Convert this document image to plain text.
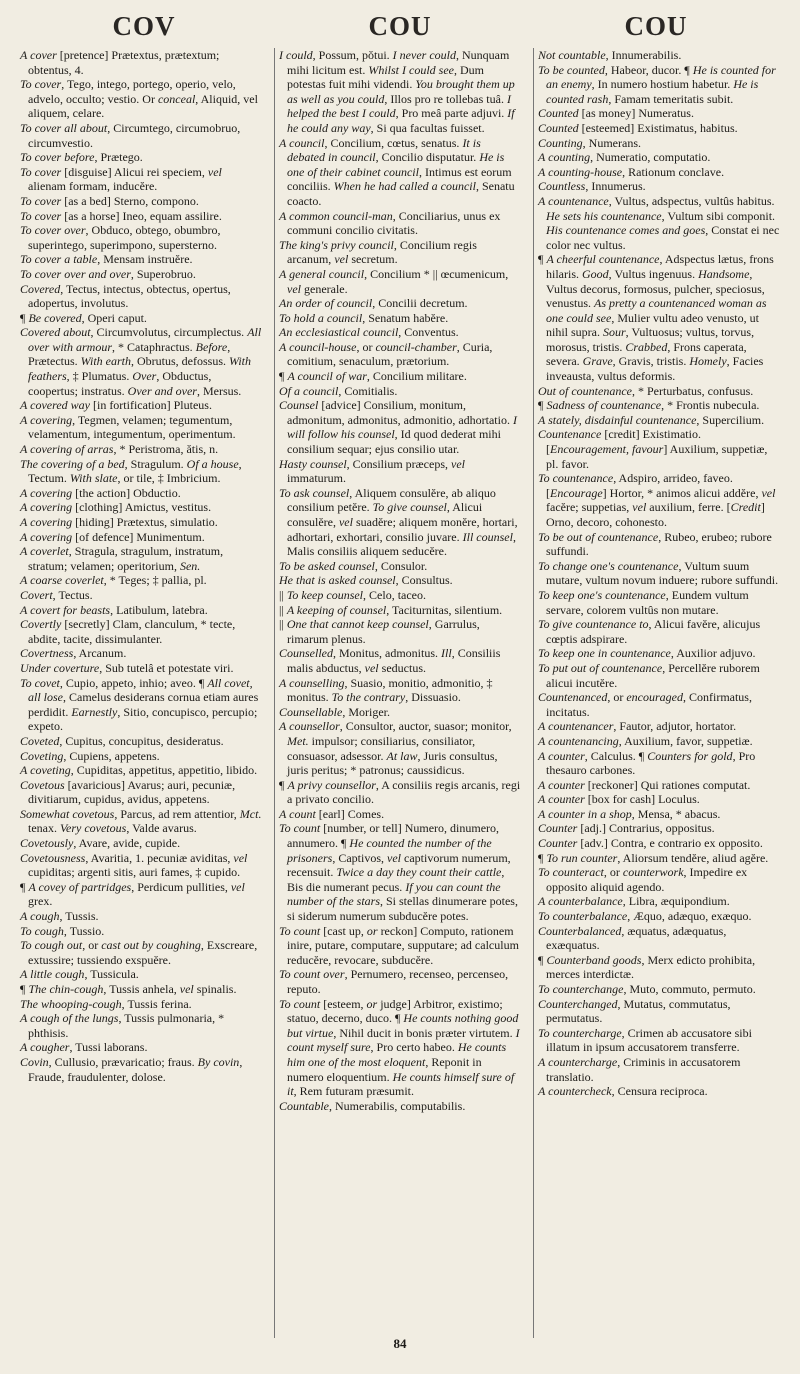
COV	COU	COU

A cover [pretence] Prætextus, prætextum; obtentus, 4.

To cover, Tego, intego, portego, operio, velo, advelo, occulto; vestio. Or conceal, Aliquid, vel aliquem, celare.

To cover all about, Circumtego, circumobruo, circumvestio.

To cover before, Prætego.

To cover [disguise] Alicui rei speciem, vel alienam formam, inducĕre.

To cover [as a bed] Sterno, compono.

To cover [as a horse] Ineo, equam assilire.

To cover over, Obduco, obtego, obumbro, superintego, superimpono, supersterno.

To cover a table, Mensam instruĕre.

To cover over and over, Superobruo.

Covered, Tectus, intectus, obtectus, opertus, adopertus, involutus.

¶ Be covered, Operi caput.

Covered about, Circumvolutus, circumplectus. All over with armour, * Cataphractus. Before, Prætectus. With earth, Obrutus, defossus. With feathers, ‡ Plumatus. Over, Obductus, coopertus; instratus. Over and over, Mersus.

A covered way [in fortification] Pluteus.

A covering, Tegmen, velamen; tegumentum, velamentum, integumentum, operimentum.

A covering of arras, * Peristroma, ătis, n.

The covering of a bed, Stragulum. Of a house, Tectum. With slate, or tile, ‡ Imbricium.

A covering [the action] Obductio.

A covering [clothing] Amictus, vestitus.

A covering [hiding] Prætextus, simulatio.

A covering [of defence] Munimentum.

A coverlet, Stragula, stragulum, instratum, stratum; velamen; operitorium, Sen.

A coarse coverlet, * Teges; ‡ pallia, pl.

Covert, Tectus.

A covert for beasts, Latibulum, latebra.

Covertly [secretly] Clam, clanculum, * tecte, abdite, tacite, dissimulanter.

Covertness, Arcanum.

Under coverture, Sub tutelâ et potestate viri.

To covet, Cupio, appeto, inhio; aveo. ¶ All covet, all lose, Camelus desiderans cornua etiam aures perdidit. Earnestly, Sitio, concupisco, percupio; expeto.

Coveted, Cupitus, concupitus, desideratus.

Coveting, Cupiens, appetens.

A coveting, Cupiditas, appetitus, appetitio, libido.

Covetous [avaricious] Avarus; auri, pecuniæ, divitiarum, cupidus, avidus, appetens.

Somewhat covetous, Parcus, ad rem attentior, Mct. tenax. Very covetous, Valde avarus.

Covetously, Avare, avide, cupide.

Covetousness, Avaritia, 1. pecuniæ aviditas, vel cupiditas; argenti sitis, auri fames, ‡ cupido.

¶ A covey of partridges, Perdicum pullities, vel grex.

A cough, Tussis.

To cough, Tussio.

To cough out, or cast out by coughing, Exscreare, extussire; tussiendo exspuĕre.

A little cough, Tussicula.

¶ The chin-cough, Tussis anhela, vel spinalis.

The whooping-cough, Tussis ferina.

A cough of the lungs, Tussis pulmonaria, * phthisis.

A cougher, Tussi laborans.

Covin, Cullusio, prævaricatio; fraus. By covin, Fraude, fraudulenter, dolose.

I could, Possum, pŏtui. I never could, Nunquam mihi licitum est. Whilst I could see, Dum potestas fuit mihi videndi. You brought them up as well as you could, Illos pro re tollebas tuâ. I helped the best I could, Pro meâ parte adjuvi. If he could any way, Si qua facultas fuisset.

A council, Concilium, cœtus, senatus. It is debated in council, Concilio disputatur. He is one of their cabinet council, Intimus est eorum conciliis. When he had called a council, Senatu coacto.

A common council-man, Conciliarius, unus ex communi concilio civitatis.

The king's privy council, Concilium regis arcanum, vel secretum.

A general council, Concilium * || œcumenicum, vel generale.

An order of council, Concilii decretum.

To hold a council, Senatum habĕre.

An ecclesiastical council, Conventus.

A council-house, or council-chamber, Curia, comitium, senaculum, prætorium.

¶ A council of war, Concilium militare.

Of a council, Comitialis.

Counsel [advice] Consilium, monitum, admonitum, admonitus, admonitio, adhortatio. I will follow his counsel, Id quod dederat mihi consilium sequar; ejus consilio utar.

Hasty counsel, Consilium præceps, vel immaturum.

To ask counsel, Aliquem consulĕre, ab aliquo consilium petĕre. To give counsel, Alicui consulĕre, vel suadĕre; aliquem monĕre, hortari, adhortari, exhortari, consilio juvare. Ill counsel, Malis consiliis aliquem seducĕre.

To be asked counsel, Consulor.

He that is asked counsel, Consultus.

|| To keep counsel, Celo, taceo.

|| A keeping of counsel, Taciturnitas, silentium.

|| One that cannot keep counsel, Garrulus, rimarum plenus.

Counselled, Monitus, admonitus. Ill, Consiliis malis abductus, vel seductus.

A counselling, Suasio, monitio, admonitio, ‡ monitus. To the contrary, Dissuasio.

Counsellable, Moriger.

A counsellor, Consultor, auctor, suasor; monitor, Met. impulsor; consiliarius, consiliator, consuasor, adsessor. At law, Juris consultus, juris peritus; * patronus; caussidicus.

¶ A privy counsellor, A consiliis regis arcanis, regi a privato concilio.

A count [earl] Comes.

To count [number, or tell] Numero, dinumero, annumero. ¶ He counted the number of the prisoners, Captivos, vel captivorum numerum, recensuit. Twice a day they count their cattle, Bis die numerant pecus. If you can count the number of the stars, Si stellas dinumerare potes, si siderum numerum subducĕre potes.

To count [cast up, or reckon] Computo, rationem inire, putare, computare, supputare; ad calculum reducĕre, revocare, subducĕre.

To count over, Pernumero, recenseo, percenseo, reputo.

To count [esteem, or judge] Arbitror, existimo; statuo, decerno, duco. ¶ He counts nothing good but virtue, Nihil ducit in bonis præter virtutem. I count myself sure, Pro certo habeo. He counts him one of the most eloquent, Reponit in numero eloquentium. He counts himself sure of it, Rem futuram præsumit.

Countable, Numerabilis, computabilis.

Not countable, Innumerabilis.

To be counted, Habeor, ducor. ¶ He is counted for an enemy, In numero hostium habetur. He is counted rash, Famam temeritatis subit.

Counted [as money] Numeratus.

Counted [esteemed] Existimatus, habitus.

Counting, Numerans.

A counting, Numeratio, computatio.

A counting-house, Rationum conclave.

Countless, Innumerus.

A countenance, Vultus, adspectus, vultûs habitus. He sets his countenance, Vultum sibi componit. His countenance comes and goes, Constat ei nec color nec vultus.

¶ A cheerful countenance, Adspectus lætus, frons hilaris. Good, Vultus ingenuus. Handsome, Vultus decorus, formosus, pulcher, speciosus, venustus. As pretty a countenanced woman as one could see, Mulier vultu adeo venusto, ut nihil supra. Sour, Vultuosus; vultus, torvus, morosus, tristis. Crabbed, Frons caperata, severa. Grave, Gravis, tristis. Homely, Facies inveausta, vultus deformis.

Out of countenance, * Perturbatus, confusus.

¶ Sadness of countenance, * Frontis nubecula.

A stately, disdainful countenance, Supercilium.

Countenance [credit] Existimatio. [Encouragement, favour] Auxilium, suppetiæ, pl. favor.

To countenance, Adspiro, arrideo, faveo. [Encourage] Hortor, * animos alicui addĕre, vel facĕre; suppetias, vel auxilium, ferre. [Credit] Orno, decoro, cohonesto.

To be out of countenance, Rubeo, erubeo; rubore suffundi.

To change one's countenance, Vultum suum mutare, vultum novum induere; rubore suffundi.

To keep one's countenance, Eundem vultum servare, colorem vultûs non mutare.

To give countenance to, Alicui favĕre, alicujus cœptis adspirare.

To keep one in countenance, Auxilior adjuvo.

To put out of countenance, Percellĕre ruborem alicui incutĕre.

Countenanced, or encouraged, Confirmatus, incitatus.

A countenancer, Fautor, adjutor, hortator.

A countenancing, Auxilium, favor, suppetiæ.

A counter, Calculus. ¶ Counters for gold, Pro thesauro carbones.

A counter [reckoner] Qui rationes computat.

A counter [box for cash] Loculus.

A counter in a shop, Mensa, * abacus.

Counter [adj.] Contrarius, oppositus.

Counter [adv.] Contra, e contrario ex opposito.

¶ To run counter, Aliorsum tendĕre, aliud agĕre.

To counteract, or counterwork, Impedire ex opposito aliquid agendo.

A counterbalance, Libra, æquipondium.

To counterbalance, Æquo, adæquo, exæquo.

Counterbalanced, æquatus, adæquatus, exæquatus.

¶ Counterband goods, Merx edicto prohibita, merces interdictæ.

To counterchange, Muto, commuto, permuto.

Counterchanged, Mutatus, commutatus, permutatus.

To countercharge, Crimen ab accusatore sibi illatum in ipsum accusatorem transferre.

A countercharge, Criminis in accusatorem translatio.

A countercheck, Censura reciproca.

84
